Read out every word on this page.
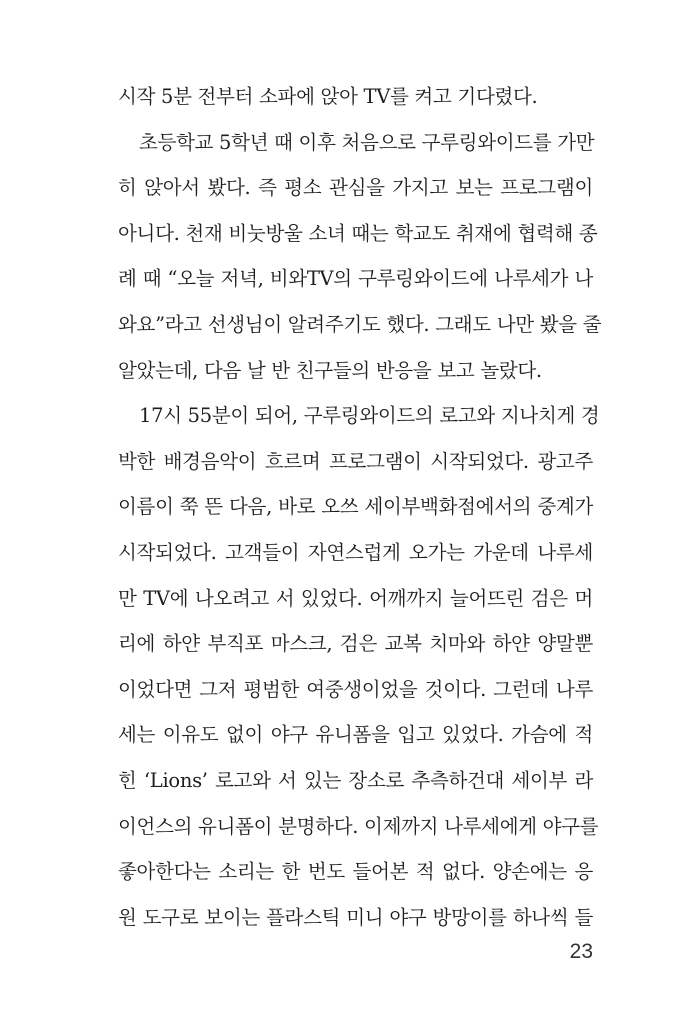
시작 5분 전부터 소파에 앉아 TV를 켜고 기다렸다.
초등학교 5학년 때 이후 처음으로 구루링와이드를 가만
히 앉아서 봤다. 즉 평소 관심을 가지고 보는 프로그램이
아니다. 천재 비눗방울 소녀 때는 학교도 취재에 협력해 종
례 때 “오늘 저녁, 비와TV의 구루링와이드에 나루세가 나
와요”라고 선생님이 알려주기도 했다. 그래도 나만 봤을 줄
알았는데, 다음 날 반 친구들의 반응을 보고 놀랐다.
17시 55분이 되어, 구루링와이드의 로고와 지나치게 경
박한 배경음악이 흐르며 프로그램이 시작되었다. 광고주
이름이 쭉 뜬 다음, 바로 오쓰 세이부백화점에서의 중계가
시작되었다. 고객들이 자연스럽게 오가는 가운데 나루세
만 TV에 나오려고 서 있었다. 어깨까지 늘어뜨린 검은 머
리에 하얀 부직포 마스크, 검은 교복 치마와 하얀 양말뿐
이었다면 그저 평범한 여중생이었을 것이다. 그런데 나루
세는 이유도 없이 야구 유니폼을 입고 있었다. 가슴에 적
힌 ‘Lions’ 로고와 서 있는 장소로 추측하건대 세이부 라
이언스의 유니폼이 분명하다. 이제까지 나루세에게 야구를
좋아한다는 소리는 한 번도 들어본 적 없다. 양손에는 응
원 도구로 보이는 플라스틱 미니 야구 방망이를 하나씩 들
23
